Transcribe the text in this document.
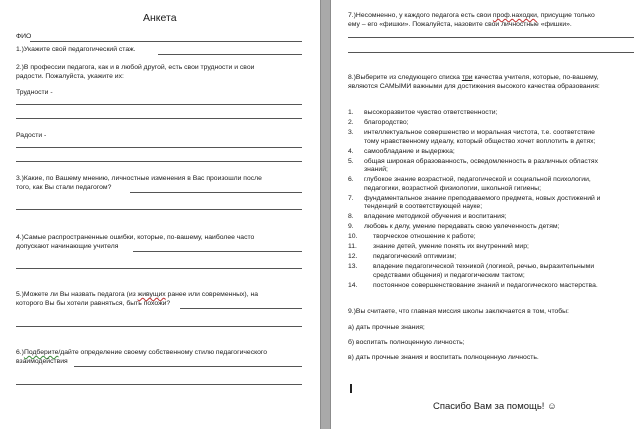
Анкета
ФИО
1.)Укажите свой педагогический стаж.
2.)В профессии педагога, как и в любой другой, есть свои трудности и свои
радости. Пожалуйста, укажите их:
Трудности -
Радости -
3.)Какие, по Вашему мнению, личностные изменения в Вас произошли после
того, как Вы стали педагогом?
4.)Самые распространенные ошибки, которые, по-вашему, наиболее часто
допускают начинающие учителя
5.)Можете ли Вы назвать педагога (из живущих ранее или современных), на
которого Вы бы хотели равняться, быть похожи?
6.)Подберите/дайте определение своему собственному стилю педагогического
взаимодействия
7.)Несомненно, у каждого педагога есть свои проф.находки, присущие только
ему – его «фишки». Пожалуйста, назовите свои личностные «фишки».
8.)Выберите из следующего списка три качества учителя, которые, по-вашему,
являются САМЫМИ важными для достижения высокого качества образования:
1. высокоразвитое чувство ответственности;
2. благородство;
3. интеллектуальное совершенство и моральная чистота, т.е. соответствие
тому нравственному идеалу, который общество хочет воплотить в детях;
4. самообладание и выдержка;
5. общая широкая образованность, осведомленность в различных областях
знаний;
6. глубокое знание возрастной, педагогической и социальной психологии,
педагогики, возрастной физиологии, школьной гигиены;
7. фундаментальное знание преподаваемого предмета, новых достижений и
тенденций в соответствующей науке;
8. владение методикой обучения и воспитания;
9. любовь к делу, умение передавать свою увлеченность детям;
10. творческое отношение к работе;
11. знание детей, умение понять их внутренний мир;
12. педагогический оптимизм;
13. владение педагогической техникой (логикой, речью, выразительными
средствами общения) и педагогическим тактом;
14. постоянное совершенствование знаний и педагогического мастерства.
9.)Вы считаете, что главная миссия школы заключается в том, чтобы:
а) дать прочные знания;
б) воспитать полноценную личность;
в) дать прочные знания и воспитать полноценную личность.
Спасибо Вам за помощь! ☺
